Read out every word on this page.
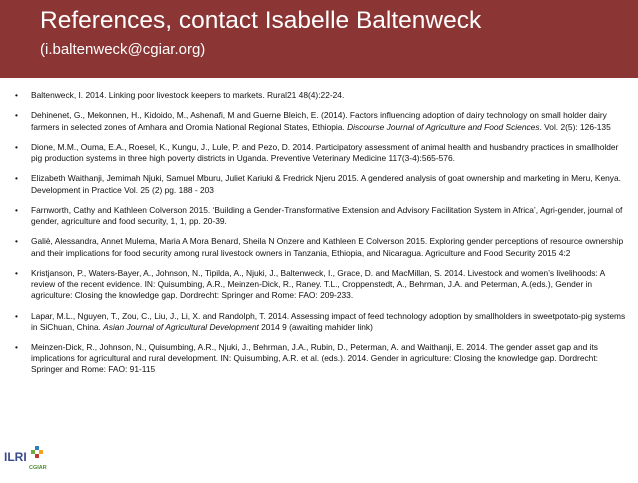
References, contact Isabelle Baltenweck
(i.baltenweck@cgiar.org)
• Baltenweck, I. 2014. Linking poor livestock keepers to markets. Rural21 48(4):22-24.
• Dehinenet, G., Mekonnen, H., Kidoido, M., Ashenafi, M and Guerne Bleich, E. (2014). Factors influencing adoption of dairy technology on small holder dairy farmers in selected zones of Amhara and Oromia National Regional States, Ethiopia. Discourse Journal of Agriculture and Food Sciences. Vol. 2(5): 126-135
• Dione, M.M., Ouma, E.A., Roesel, K., Kungu, J., Lule, P. and Pezo, D. 2014. Participatory assessment of animal health and husbandry practices in smallholder pig production systems in three high poverty districts in Uganda. Preventive Veterinary Medicine 117(3-4):565-576.
• Elizabeth Waithanji, Jemimah Njuki, Samuel Mburu, Juliet Kariuki & Fredrick Njeru 2015. A gendered analysis of goat ownership and marketing in Meru, Kenya. Development in Practice Vol. 25 (2) pg. 188 - 203
• Farnworth, Cathy and Kathleen Colverson 2015. ‘Building a Gender-Transformative Extension and Advisory Facilitation System in Africa’, Agri-gender, journal of gender, agriculture and food security, 1, 1, pp. 20-39.
• Galiè, Alessandra, Annet Mulema, Maria A Mora Benard, Sheila N Onzere and Kathleen E Colverson 2015. Exploring gender perceptions of resource ownership and their implications for food security among rural livestock owners in Tanzania, Ethiopia, and Nicaragua. Agriculture and Food Security 2015 4:2
• Kristjanson, P., Waters-Bayer, A., Johnson, N., Tipilda, A., Njuki, J., Baltenweck, I., Grace, D. and MacMillan, S. 2014. Livestock and women’s livelihoods: A review of the recent evidence. IN: Quisumbing, A.R., Meinzen-Dick, R., Raney. T.L., Croppenstedt, A., Behrman, J.A. and Peterman, A.(eds.), Gender in agriculture: Closing the knowledge gap. Dordrecht: Springer and Rome: FAO: 209-233.
• Lapar, M.L., Nguyen, T., Zou, C., Liu, J., Li, X. and Randolph, T. 2014. Assessing impact of feed technology adoption by smallholders in sweetpotato-pig systems in SiChuan, China. Asian Journal of Agricultural Development 2014 9 (awaiting mahider link)
• Meinzen-Dick, R., Johnson, N., Quisumbing, A.R., Njuki, J., Behrman, J.A., Rubin, D., Peterman, A. and Waithanji, E. 2014. The gender asset gap and its implications for agricultural and rural development. IN: Quisumbing, A.R. et al. (eds.). 2014. Gender in agriculture: Closing the knowledge gap. Dordrecht: Springer and Rome: FAO: 91-115
ILRI
CGIAR
